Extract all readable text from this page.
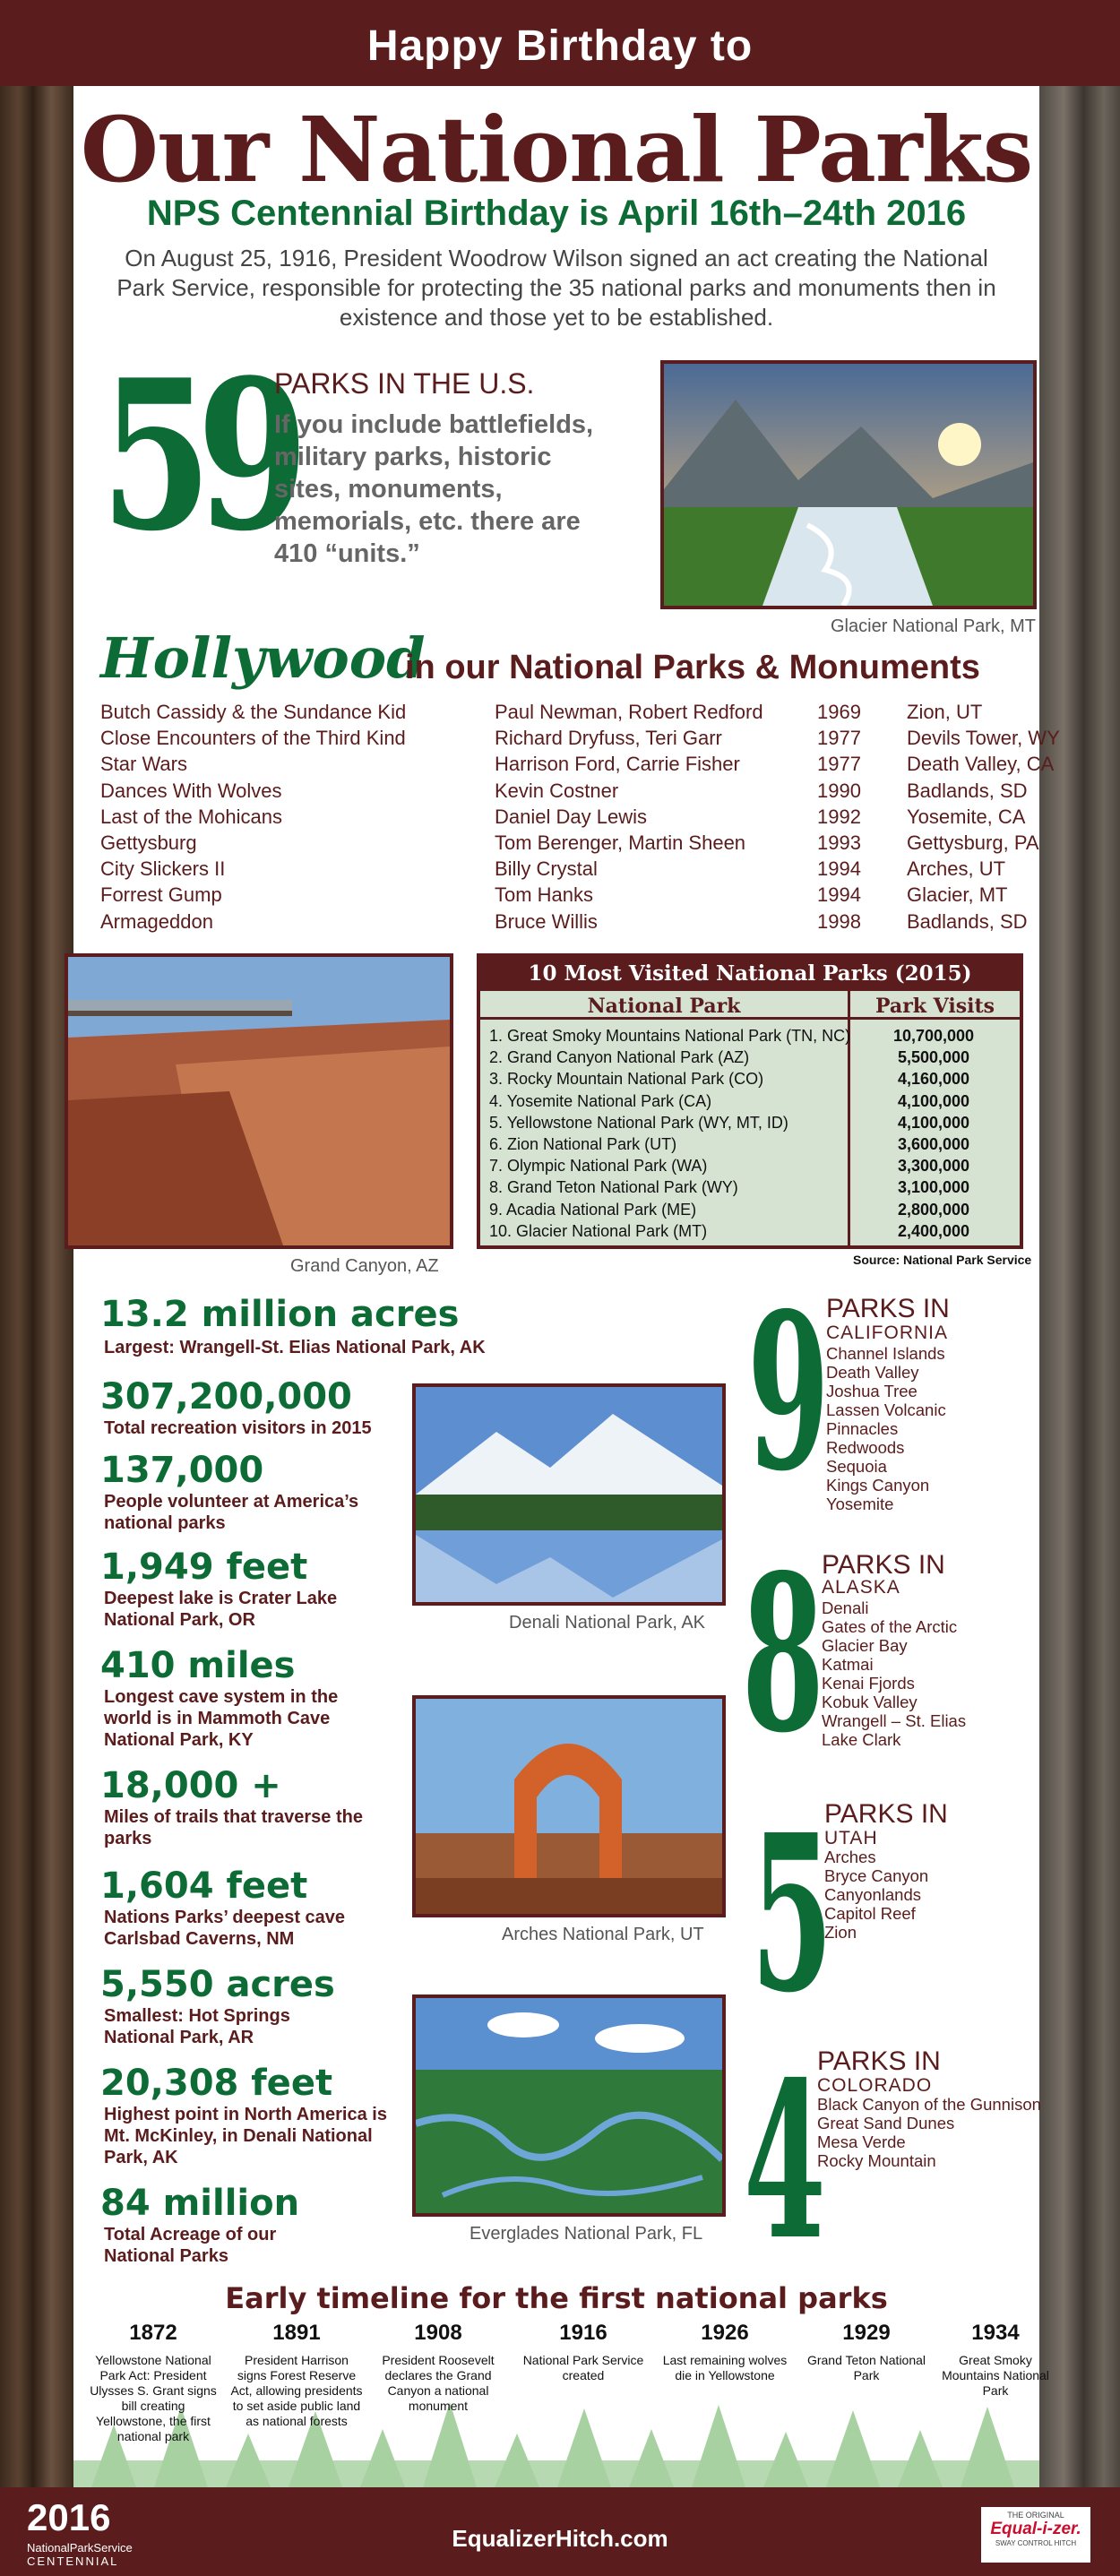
Happy Birthday to
Our National Parks
NPS Centennial Birthday is April 16th–24th 2016
On August 25, 1916, President Woodrow Wilson signed an act creating the National Park Service, responsible for protecting the 35 national parks and monuments then in existence and those yet to be established.
59
PARKS IN THE U.S.
If you include battlefields, military parks, historic sites, monuments, memorials, etc. there are 410 “units.”
Glacier National Park, MT
Hollywood
in our National Parks & Monuments
Butch Cassidy & the Sundance Kid	Paul Newman, Robert Redford	1969 Zion, UT
Close Encounters of the Third Kind	Richard Dryfuss, Teri Garr	1977 Devils Tower, WY
Star Wars	Harrison Ford, Carrie Fisher	1977 Death Valley, CA
Dances With Wolves	Kevin Costner	1990 Badlands, SD
Last of the Mohicans	Daniel Day Lewis	1992 Yosemite, CA
Gettysburg	Tom Berenger, Martin Sheen	1993 Gettysburg, PA
City Slickers II	Billy Crystal	1994 Arches, UT
Forrest Gump	Tom Hanks	1994 Glacier, MT
Armageddon	Bruce Willis	1998 Badlands, SD
Grand Canyon, AZ
10 Most Visited National Parks (2015)
National Park	Park Visits
1. Great Smoky Mountains National Park (TN, NC)	10,700,000
2. Grand Canyon National Park (AZ)	5,500,000
3. Rocky Mountain National Park (CO)	4,160,000
4. Yosemite National Park (CA)	4,100,000
5. Yellowstone National Park (WY, MT, ID)	4,100,000
6. Zion National Park (UT)	3,600,000
7. Olympic National Park (WA)	3,300,000
8. Grand Teton National Park (WY)	3,100,000
9. Acadia National Park (ME)	2,800,000
10. Glacier National Park (MT)	2,400,000
Source: National Park Service
13.2 million acres
Largest: Wrangell-St. Elias National Park, AK
307,200,000
Total recreation visitors in 2015
137,000
People volunteer at America’s national parks
1,949 feet
Deepest lake is Crater Lake National Park, OR
410 miles
Longest cave system in the world is in Mammoth Cave National Park, KY
18,000 +
Miles of trails that traverse the parks
1,604 feet
Nations Parks’ deepest cave Carlsbad Caverns, NM
5,550 acres
Smallest: Hot Springs National Park, AR
20,308 feet
Highest point in North America is Mt. McKinley, in Denali National Park, AK
84 million
Total Acreage of our National Parks
Denali National Park, AK
Arches National Park, UT
Everglades National Park, FL
9
PARKS IN
CALIFORNIA
Channel Islands
Death Valley
Joshua Tree
Lassen Volcanic
Pinnacles
Redwoods
Sequoia
Kings Canyon
Yosemite
8
PARKS IN
ALASKA
Denali
Gates of the Arctic
Glacier Bay
Katmai
Kenai Fjords
Kobuk Valley
Wrangell – St. Elias
Lake Clark
5
PARKS IN
UTAH
Arches
Bryce Canyon
Canyonlands
Capitol Reef
Zion
4
PARKS IN
COLORADO
Black Canyon of the Gunnison
Great Sand Dunes
Mesa Verde
Rocky Mountain
Early timeline for the first national parks
1872
Yellowstone National Park Act: President Ulysses S. Grant signs bill creating Yellowstone, the first national park
1891
President Harrison signs Forest Reserve Act, allowing presidents to set aside public land as national forests
1908
President Roosevelt declares the Grand Canyon a national monument
1916
National Park Service created
1926
Last remaining wolves die in Yellowstone
1929
Grand Teton National Park
1934
Great Smoky Mountains National Park
2016
NationalParkService
CENTENNIAL
EqualizerHitch.com
THE ORIGINAL
Equal-i-zer.
SWAY CONTROL HITCH
